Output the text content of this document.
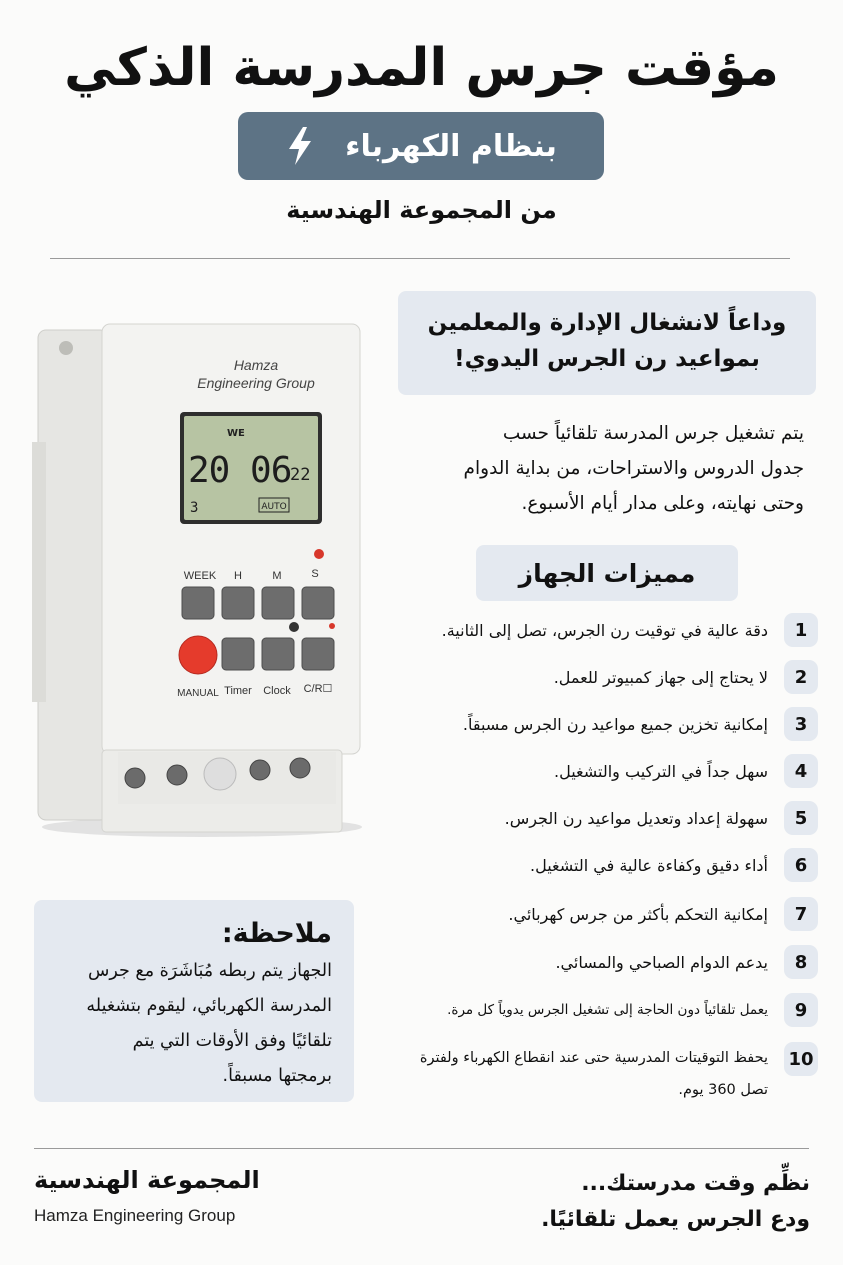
مؤقت جرس المدرسة الذكي
بنظام الكهرباء
من المجموعة الهندسية
Hamza
Engineering Group
WE
20 06
22
3	AUTO
WEEK H	M	S
MANUAL Timer Clock C/R☐
وداعاً لانشغال الإدارة والمعلمين
بمواعيد رن الجرس اليدوي!
يتم تشغيل جرس المدرسة تلقائياً حسب
جدول الدروس والاستراحات، من بداية الدوام
وحتى نهايته، وعلى مدار أيام الأسبوع.
مميزات الجهاز
1
دقة عالية في توقيت رن الجرس، تصل إلى الثانية.
2
لا يحتاج إلى جهاز كمبيوتر للعمل.
3
إمكانية تخزين جميع مواعيد رن الجرس مسبقاً.
4
سهل جداً في التركيب والتشغيل.
5
سهولة إعداد وتعديل مواعيد رن الجرس.
6
أداء دقيق وكفاءة عالية في التشغيل.
7
إمكانية التحكم بأكثر من جرس كهربائي.
8
يدعم الدوام الصباحي والمسائي.
9
يعمل تلقائياً دون الحاجة إلى تشغيل الجرس يدوياً كل مرة.
10
يحفظ التوقيتات المدرسية حتى عند انقطاع الكهرباء ولفترة تصل 360 يوم.
ملاحظة:
الجهاز يتم ربطه مُبَاشَرَة مع جرس
المدرسة الكهربائي، ليقوم بتشغيله
تلقائيًا وفق الأوقات التي يتم
برمجتها مسبقاً.
المجموعة الهندسية
Hamza Engineering Group
نظِّم وقت مدرستك...
ودع الجرس يعمل تلقائيًا.
